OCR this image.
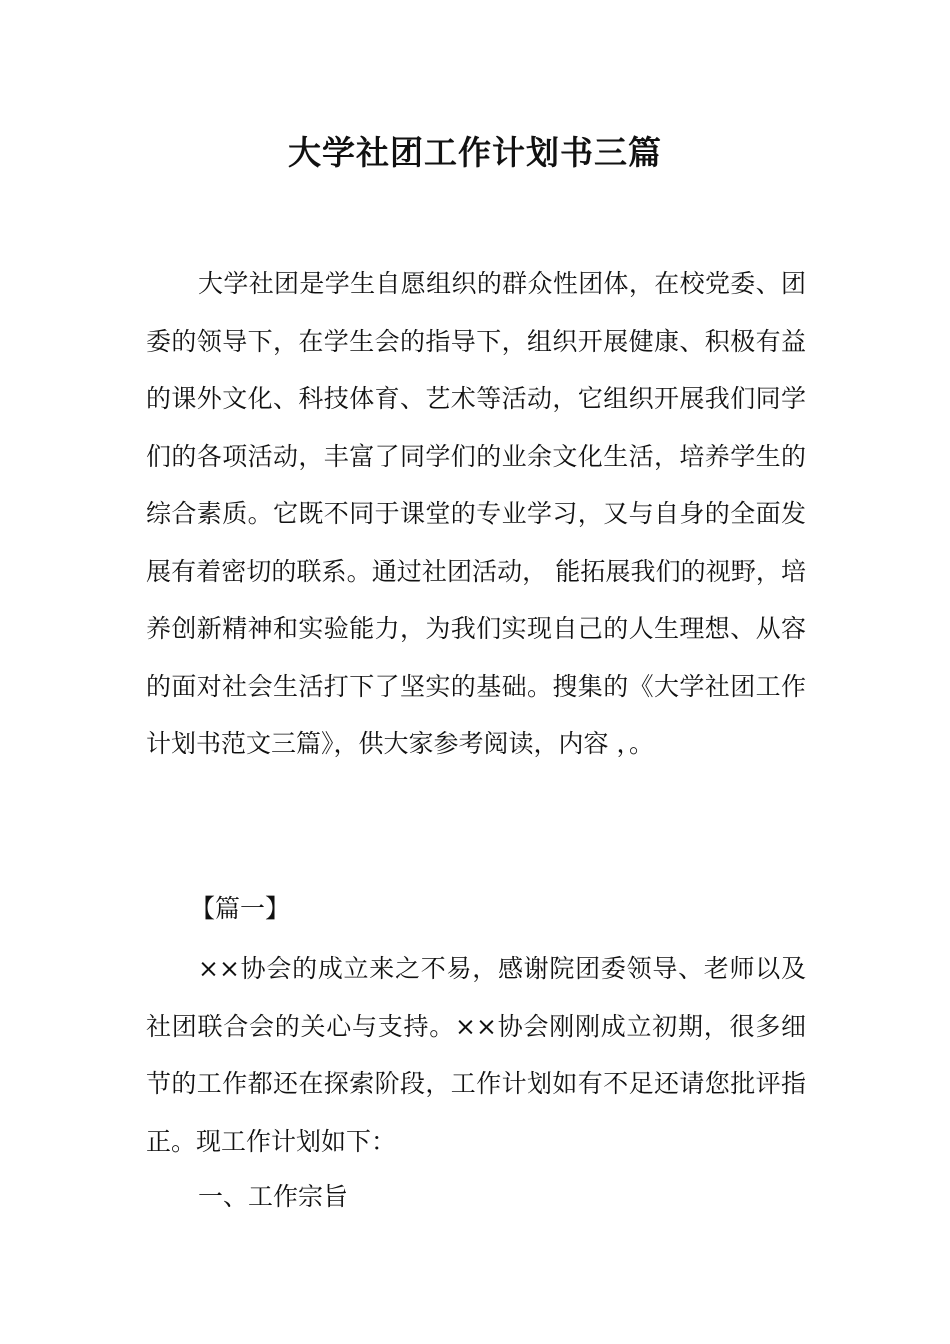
大学社团工作计划书三篇

大学社团是学生自愿组织的群众性团体，在校党委、团委的领导下，在学生会的指导下，组织开展健康、积极有益的课外文化、科技体育、艺术等活动，它组织开展我们同学们的各项活动，丰富了同学们的业余文化生活，培养学生的综合素质。它既不同于课堂的专业学习，又与自身的全面发展有着密切的联系。通过社团活动， 能拓展我们的视野，培养创新精神和实验能力，为我们实现自己的人生理想、从容的面对社会生活打下了坚实的基础。搜集的《大学社团工作计划书范文三篇》，供大家参考阅读，内容 ，。

【篇一】

××协会的成立来之不易，感谢院团委领导、老师以及社团联合会的关心与支持。××协会刚刚成立初期，很多细节的工作都还在探索阶段，工作计划如有不足还请您批评指正。现工作计划如下：

一、工作宗旨
